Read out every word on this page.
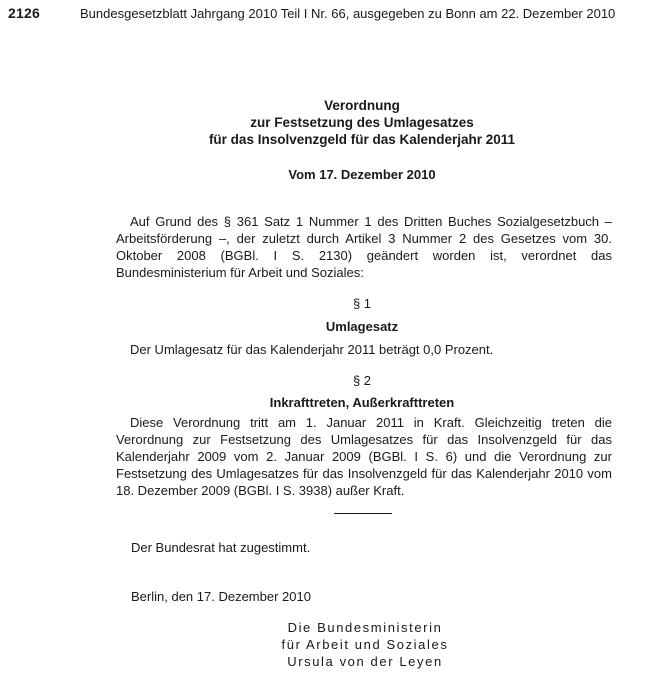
2126	Bundesgesetzblatt Jahrgang 2010 Teil I Nr. 66, ausgegeben zu Bonn am 22. Dezember 2010
Verordnung
zur Festsetzung des Umlagesatzes
für das Insolvenzgeld für das Kalenderjahr 2011
Vom 17. Dezember 2010
Auf Grund des § 361 Satz 1 Nummer 1 des Dritten Buches Sozialgesetzbuch – Arbeitsförderung –, der zuletzt durch Artikel 3 Nummer 2 des Gesetzes vom 30. Oktober 2008 (BGBl. I S. 2130) geändert worden ist, verordnet das Bundesministerium für Arbeit und Soziales:
§ 1
Umlagesatz
Der Umlagesatz für das Kalenderjahr 2011 beträgt 0,0 Prozent.
§ 2
Inkrafttreten, Außerkrafttreten
Diese Verordnung tritt am 1. Januar 2011 in Kraft. Gleichzeitig treten die Verordnung zur Festsetzung des Umlagesatzes für das Insolvenzgeld für das Kalenderjahr 2009 vom 2. Januar 2009 (BGBl. I S. 6) und die Verordnung zur Festsetzung des Umlagesatzes für das Insolvenzgeld für das Kalenderjahr 2010 vom 18. Dezember 2009 (BGBl. I S. 3938) außer Kraft.
Der Bundesrat hat zugestimmt.
Berlin, den 17. Dezember 2010
Die Bundesministerin
für Arbeit und Soziales
Ursula von der Leyen
